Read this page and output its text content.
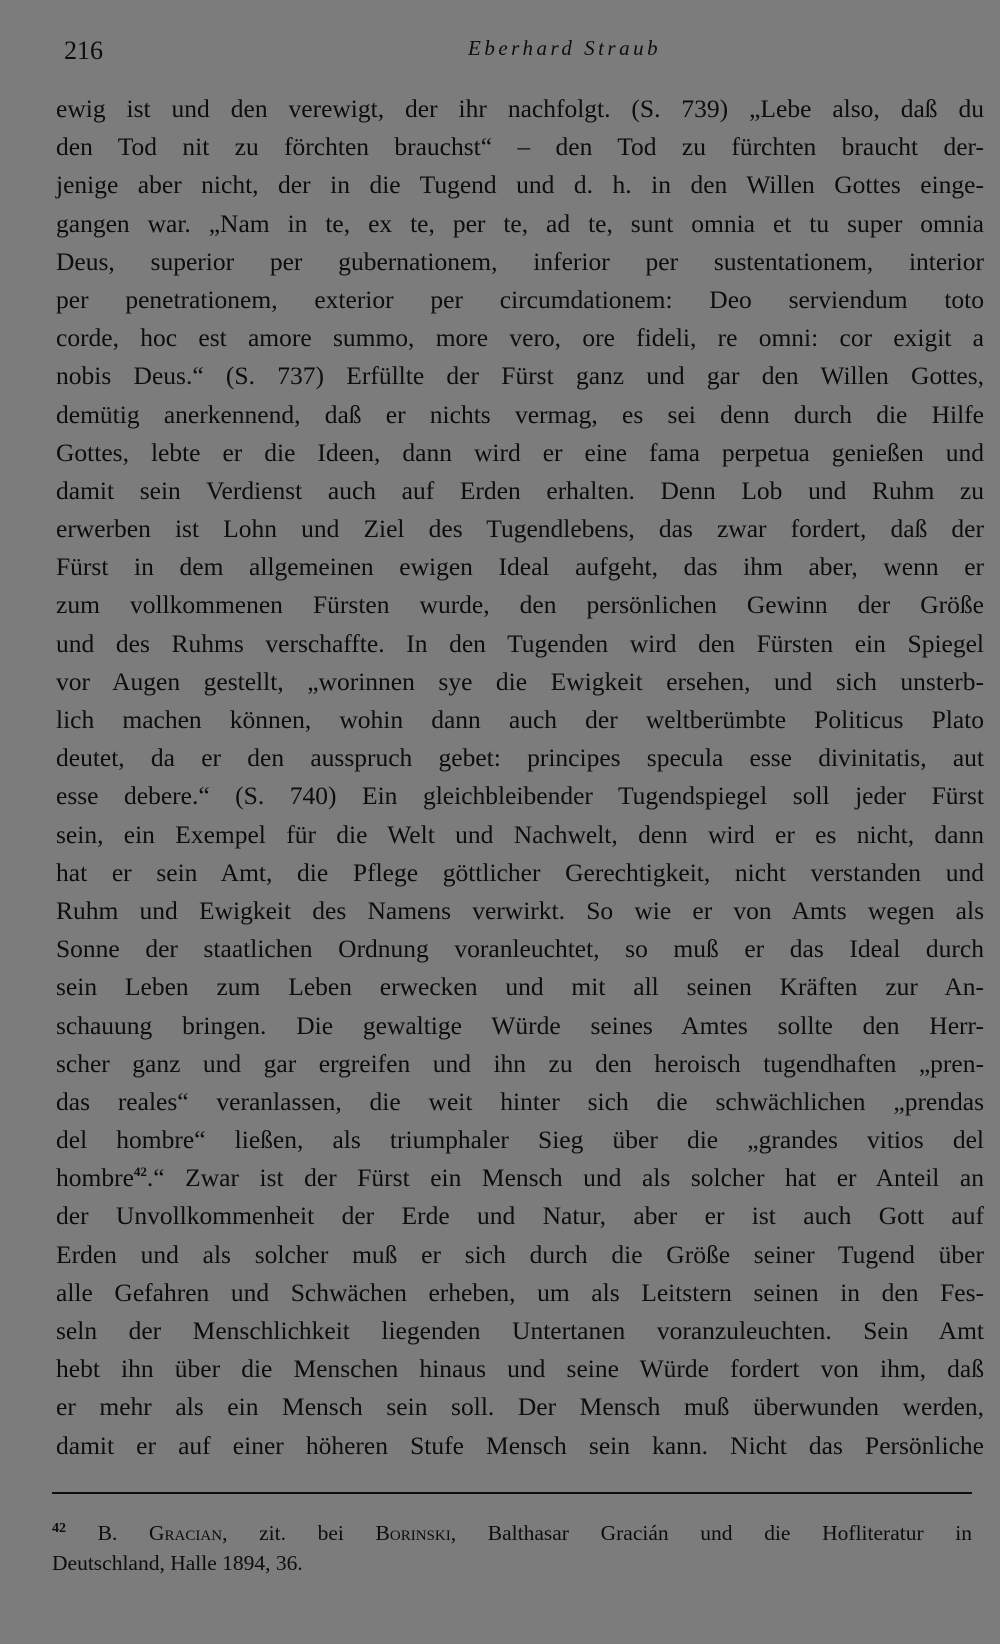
216	Eberhard Straub
ewig ist und den verewigt, der ihr nachfolgt. (S. 739) „Lebe also, daß du
den Tod nit zu förchten brauchst“ – den Tod zu fürchten braucht der-
jenige aber nicht, der in die Tugend und d. h. in den Willen Gottes einge-
gangen war. „Nam in te, ex te, per te, ad te, sunt omnia et tu super omnia
Deus, superior per gubernationem, inferior per sustentationem, interior
per penetrationem, exterior per circumdationem: Deo serviendum toto
corde, hoc est amore summo, more vero, ore fideli, re omni: cor exigit a
nobis Deus.“ (S. 737) Erfüllte der Fürst ganz und gar den Willen Gottes,
demütig anerkennend, daß er nichts vermag, es sei denn durch die Hilfe
Gottes, lebte er die Ideen, dann wird er eine fama perpetua genießen und
damit sein Verdienst auch auf Erden erhalten. Denn Lob und Ruhm zu
erwerben ist Lohn und Ziel des Tugendlebens, das zwar fordert, daß der
Fürst in dem allgemeinen ewigen Ideal aufgeht, das ihm aber, wenn er
zum vollkommenen Fürsten wurde, den persönlichen Gewinn der Größe
und des Ruhms verschaffte. In den Tugenden wird den Fürsten ein Spiegel
vor Augen gestellt, „worinnen sye die Ewigkeit ersehen, und sich unsterb-
lich machen können, wohin dann auch der weltberümbte Politicus Plato
deutet, da er den ausspruch gebet: principes specula esse divinitatis, aut
esse debere.“ (S. 740) Ein gleichbleibender Tugendspiegel soll jeder Fürst
sein, ein Exempel für die Welt und Nachwelt, denn wird er es nicht, dann
hat er sein Amt, die Pflege göttlicher Gerechtigkeit, nicht verstanden und
Ruhm und Ewigkeit des Namens verwirkt. So wie er von Amts wegen als
Sonne der staatlichen Ordnung voranleuchtet, so muß er das Ideal durch
sein Leben zum Leben erwecken und mit all seinen Kräften zur An-
schauung bringen. Die gewaltige Würde seines Amtes sollte den Herr-
scher ganz und gar ergreifen und ihn zu den heroisch tugendhaften „pren-
das reales“ veranlassen, die weit hinter sich die schwächlichen „prendas
del hombre“ ließen, als triumphaler Sieg über die „grandes vitios del
hombre$^{42}$.“ Zwar ist der Fürst ein Mensch und als solcher hat er Anteil an
der Unvollkommenheit der Erde und Natur, aber er ist auch Gott auf
Erden und als solcher muß er sich durch die Größe seiner Tugend über
alle Gefahren und Schwächen erheben, um als Leitstern seinen in den Fes-
seln der Menschlichkeit liegenden Untertanen voranzuleuchten. Sein Amt
hebt ihn über die Menschen hinaus und seine Würde fordert von ihm, daß
er mehr als ein Mensch sein soll. Der Mensch muß überwunden werden,
damit er auf einer höheren Stufe Mensch sein kann. Nicht das Persönliche
$^{42}$ B. Gracian, zit. bei Borinski, Balthasar Gracián und die Hofliteratur in
Deutschland, Halle 1894, 36.
